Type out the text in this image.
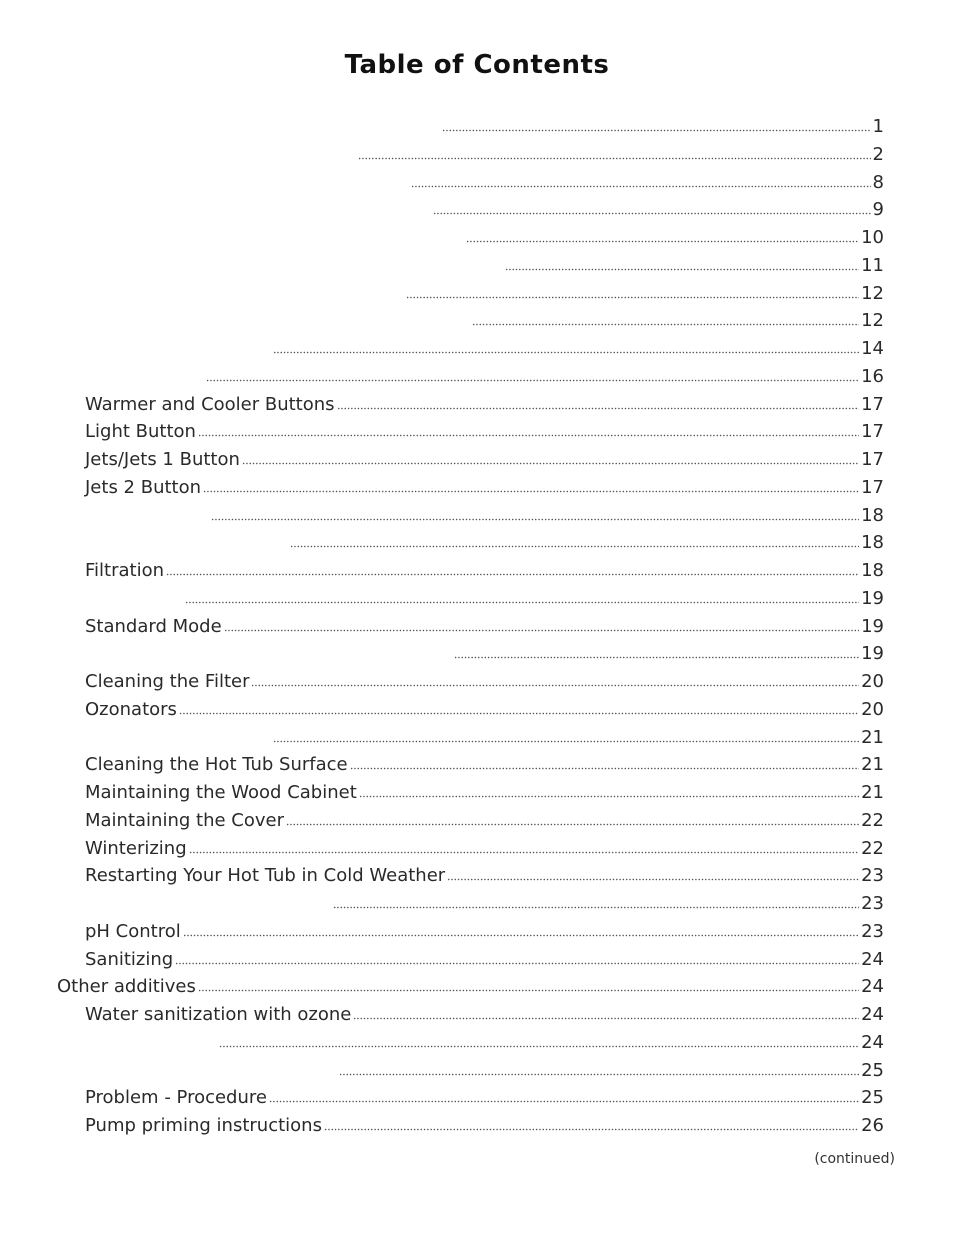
Table of Contents
1
2
8
9
10
11
12
12
14
16
Warmer and Cooler Buttons	17
Light Button	17
Jets/Jets 1 Button	17
Jets 2 Button	17
18
18
Filtration	18
19
Standard Mode	19
19
Cleaning the Filter	20
Ozonators	20
21
Cleaning the Hot Tub Surface	21
Maintaining the Wood Cabinet	21
Maintaining the Cover	22
Winterizing	22
Restarting Your Hot Tub in Cold Weather	23
23
pH Control	23
Sanitizing	24
Other additives	24
Water sanitization with ozone	24
24
25
Problem - Procedure	25
Pump priming instructions	26
(continued)
